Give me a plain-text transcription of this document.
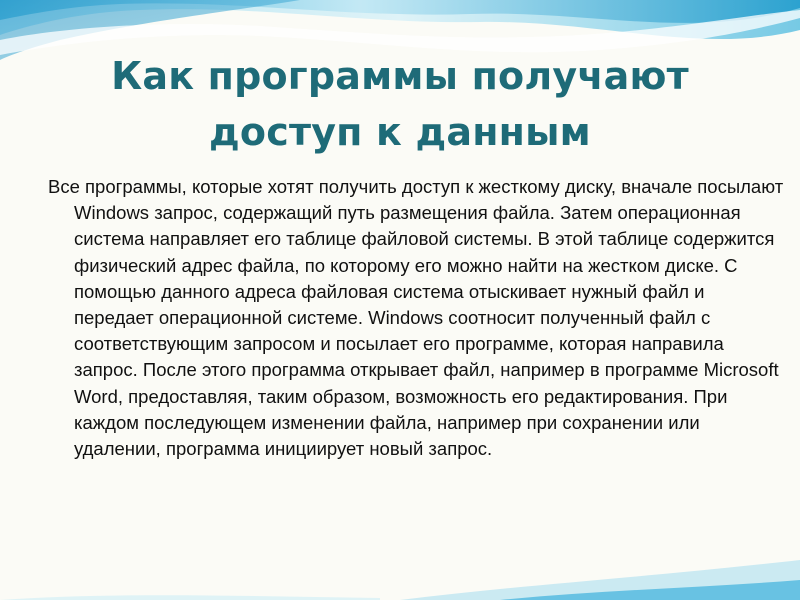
Как программы получают
доступ к данным

Все программы, которые хотят получить доступ к жесткому диску, вначале посылают Windows запрос, содержащий путь размещения файла. Затем операционная система направляет его таблице файловой системы. В этой таблице содержится физический адрес файла, по которому его можно найти на жестком диске. С помощью данного адреса файловая система отыскивает нужный файл и передает операционной системе. Windows соотносит полученный файл с соответствующим запросом и посылает его программе, которая направила запрос. После этого программа открывает файл, например в программе Microsoft Word, предоставляя, таким образом, возможность его редактирования. При каждом последующем изменении файла, например при сохранении или удалении, программа инициирует новый запрос.
